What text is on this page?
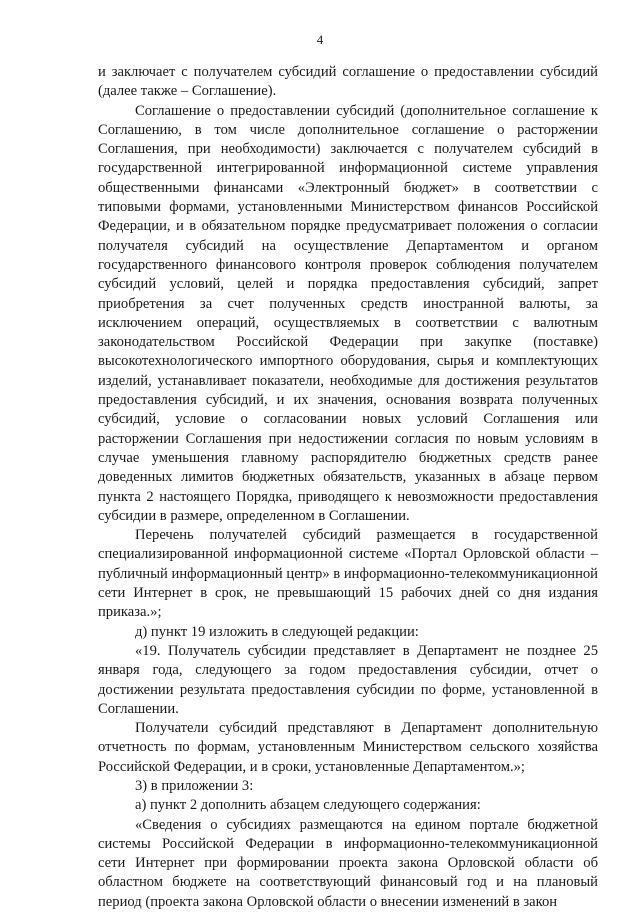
4

и заключает с получателем субсидий соглашение о предоставлении субсидий (далее также – Соглашение).

Соглашение о предоставлении субсидий (дополнительное соглашение к Соглашению, в том числе дополнительное соглашение о расторжении Соглашения, при необходимости) заключается с получателем субсидий в государственной интегрированной информационной системе управления общественными финансами «Электронный бюджет» в соответствии с типовыми формами, установленными Министерством финансов Российской Федерации, и в обязательном порядке предусматривает положения о согласии получателя субсидий на осуществление Департаментом и органом государственного финансового контроля проверок соблюдения получателем субсидий условий, целей и порядка предоставления субсидий, запрет приобретения за счет полученных средств иностранной валюты, за исключением операций, осуществляемых в соответствии с валютным законодательством Российской Федерации при закупке (поставке) высокотехнологического импортного оборудования, сырья и комплектующих изделий, устанавливает показатели, необходимые для достижения результатов предоставления субсидий, и их значения, основания возврата полученных субсидий, условие о согласовании новых условий Соглашения или расторжении Соглашения при недостижении согласия по новым условиям в случае уменьшения главному распорядителю бюджетных средств ранее доведенных лимитов бюджетных обязательств, указанных в абзаце первом пункта 2 настоящего Порядка, приводящего к невозможности предоставления субсидии в размере, определенном в Соглашении.

Перечень получателей субсидий размещается в государственной специализированной информационной системе «Портал Орловской области – публичный информационный центр» в информационно-телекоммуникационной сети Интернет в срок, не превышающий 15 рабочих дней со дня издания приказа.»;

д) пункт 19 изложить в следующей редакции:

«19. Получатель субсидии представляет в Департамент не позднее 25 января года, следующего за годом предоставления субсидии, отчет о достижении результата предоставления субсидии по форме, установленной в Соглашении.

Получатели субсидий представляют в Департамент дополнительную отчетность по формам, установленным Министерством сельского хозяйства Российской Федерации, и в сроки, установленные Департаментом.»;

3) в приложении 3:

а) пункт 2 дополнить абзацем следующего содержания:

«Сведения о субсидиях размещаются на едином портале бюджетной системы Российской Федерации в информационно-телекоммуникационной сети Интернет при формировании проекта закона Орловской области об областном бюджете на соответствующий финансовый год и на плановый период (проекта закона Орловской области о внесении изменений в закон
